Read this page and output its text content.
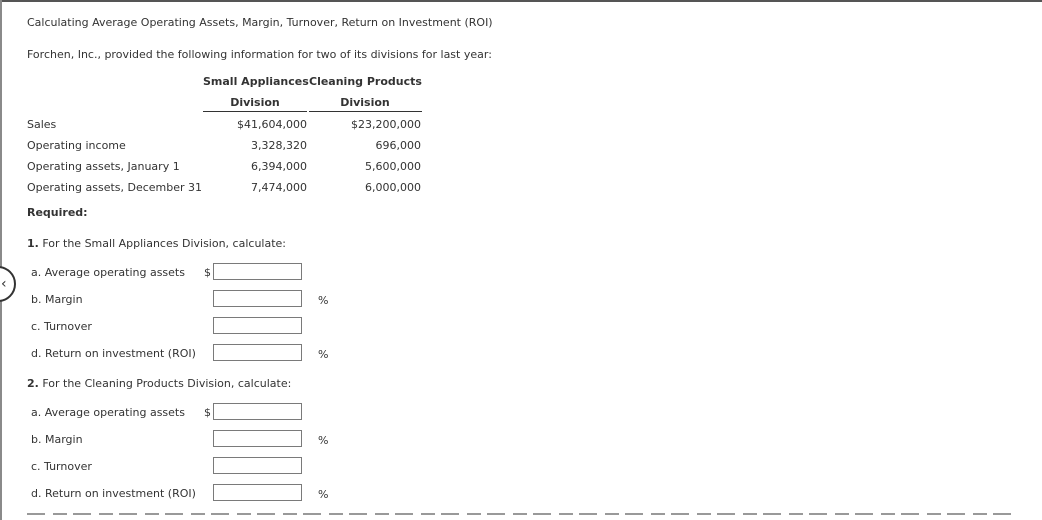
Calculating Average Operating Assets, Margin, Turnover, Return on Investment (ROI)
Forchen, Inc., provided the following information for two of its divisions for last year:
Small Appliances Cleaning Products
Division	Division
Sales	$41,604,000	$23,200,000
Operating income	3,328,320	696,000
Operating assets, January 1	6,394,000	5,600,000
Operating assets, December 31	7,474,000	6,000,000
Required:
1. For the Small Appliances Division, calculate:
a. Average operating assets $
b. Margin	%
c. Turnover
d. Return on investment (ROI)	%
2. For the Cleaning Products Division, calculate:
a. Average operating assets $
b. Margin	%
c. Turnover
d. Return on investment (ROI)	%
‹
